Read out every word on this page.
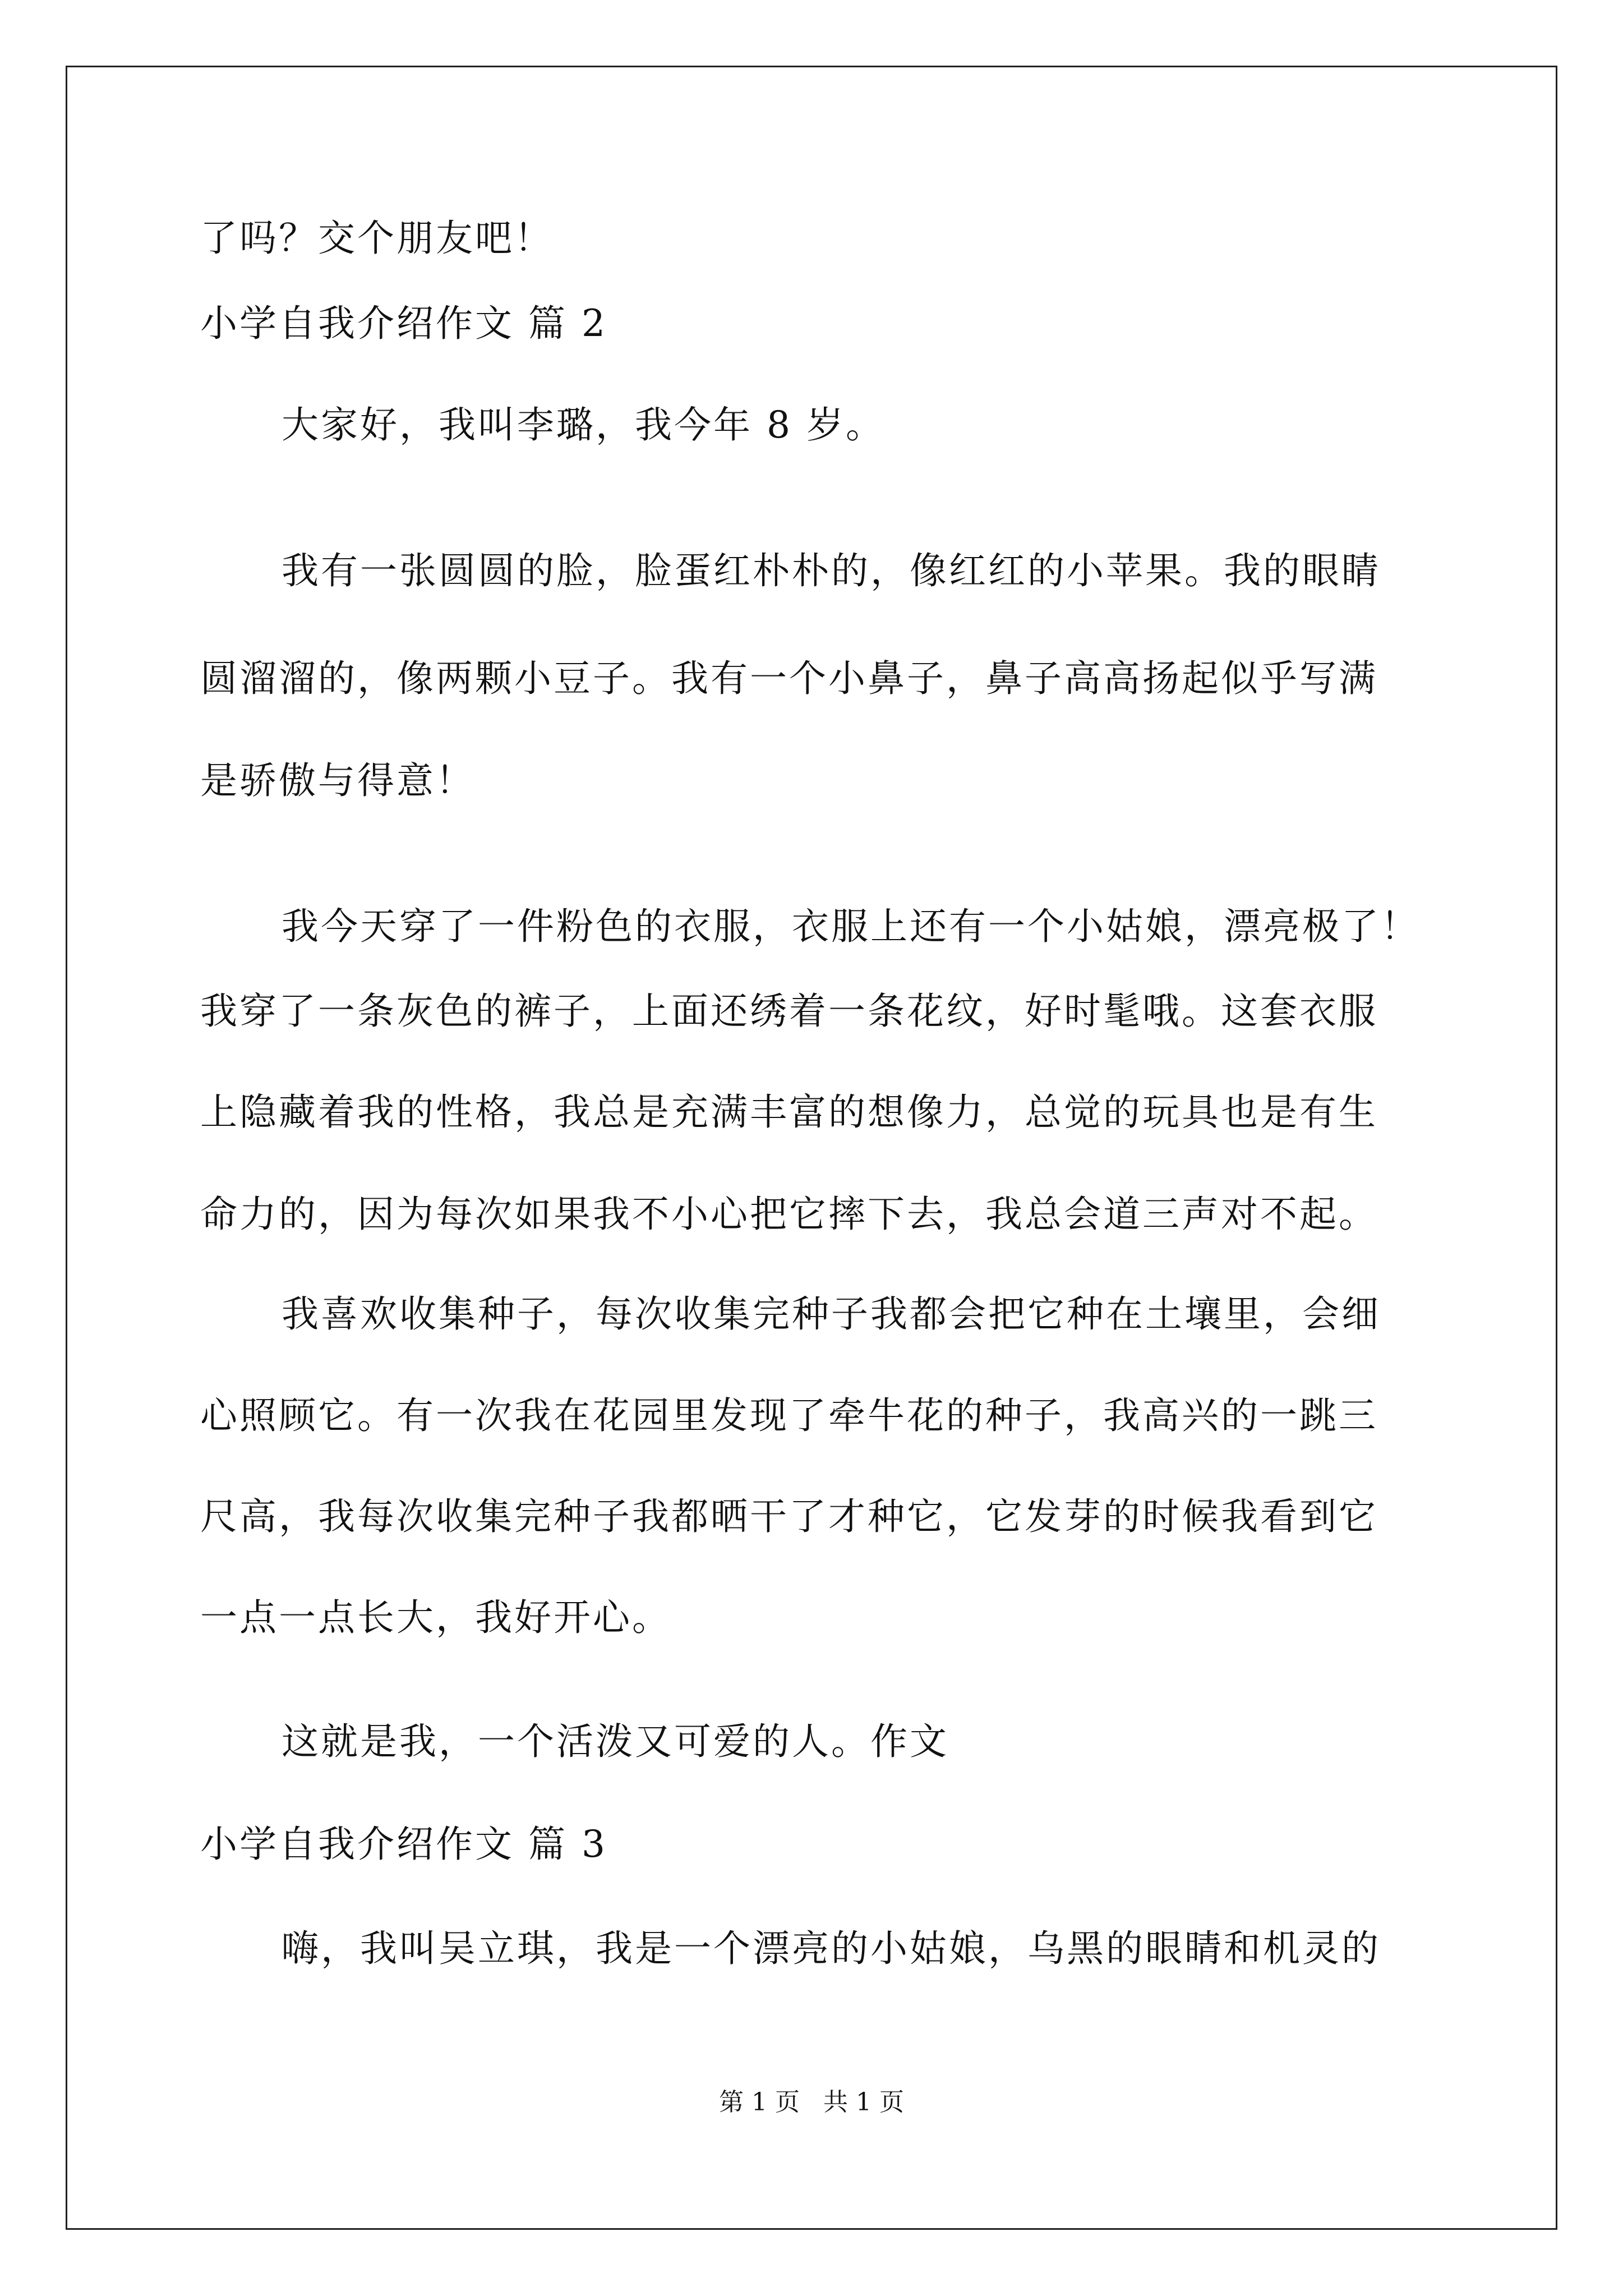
了吗？交个朋友吧！
小学自我介绍作文 篇 2
大家好，我叫李璐，我今年 8 岁。
我有一张圆圆的脸，脸蛋红朴朴的，像红红的小苹果。我的眼睛
圆溜溜的，像两颗小豆子。我有一个小鼻子，鼻子高高扬起似乎写满
是骄傲与得意！
我今天穿了一件粉色的衣服，衣服上还有一个小姑娘，漂亮极了！
我穿了一条灰色的裤子，上面还绣着一条花纹，好时髦哦。这套衣服
上隐藏着我的性格，我总是充满丰富的想像力，总觉的玩具也是有生
命力的，因为每次如果我不小心把它摔下去，我总会道三声对不起。
我喜欢收集种子，每次收集完种子我都会把它种在土壤里，会细
心照顾它。有一次我在花园里发现了牵牛花的种子，我高兴的一跳三
尺高，我每次收集完种子我都晒干了才种它，它发芽的时候我看到它
一点一点长大，我好开心。
这就是我，一个活泼又可爱的人。作文
小学自我介绍作文 篇 3
嗨，我叫吴立琪，我是一个漂亮的小姑娘，乌黑的眼睛和机灵的
第 1 页 共 1 页
